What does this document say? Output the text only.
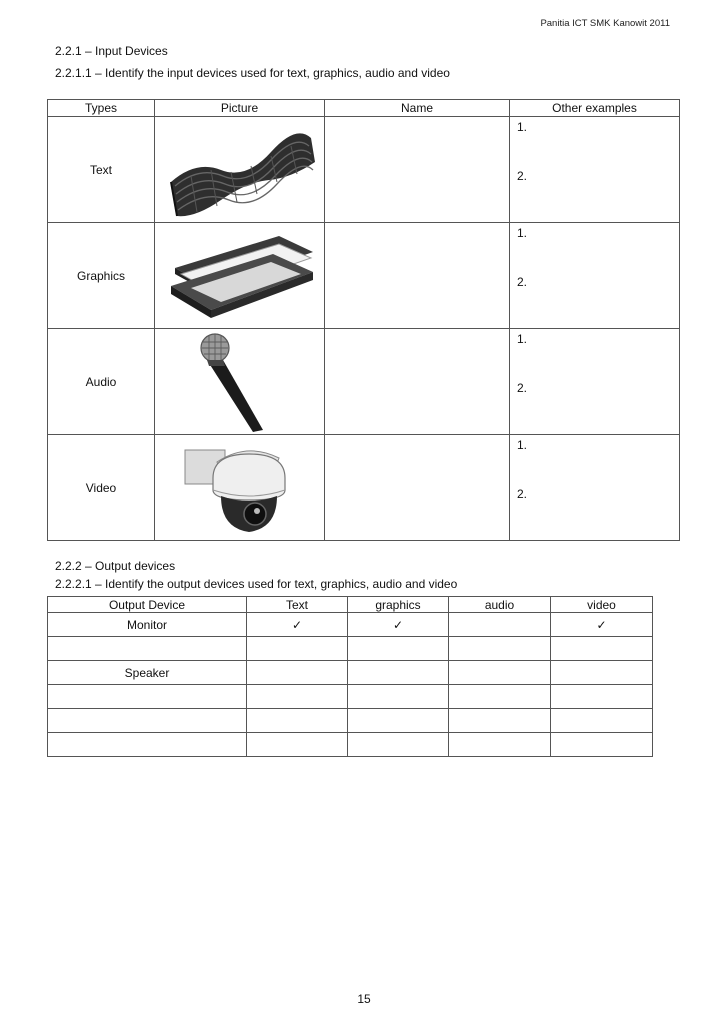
Panitia ICT SMK Kanowit 2011
2.2.1 – Input Devices
2.2.1.1 – Identify the input devices used for text, graphics, audio and video
Types	Picture	Name	Other examples
Text			1.
2.

Graphics			1.
2.

Audio			1.
2.

Video			1.
2.
2.2.2 – Output devices
2.2.2.1 – Identify the output devices used for text, graphics, audio and video
Output Device	Text	graphics	audio	video
Monitor	✓	✓		✓

Speaker				

15
